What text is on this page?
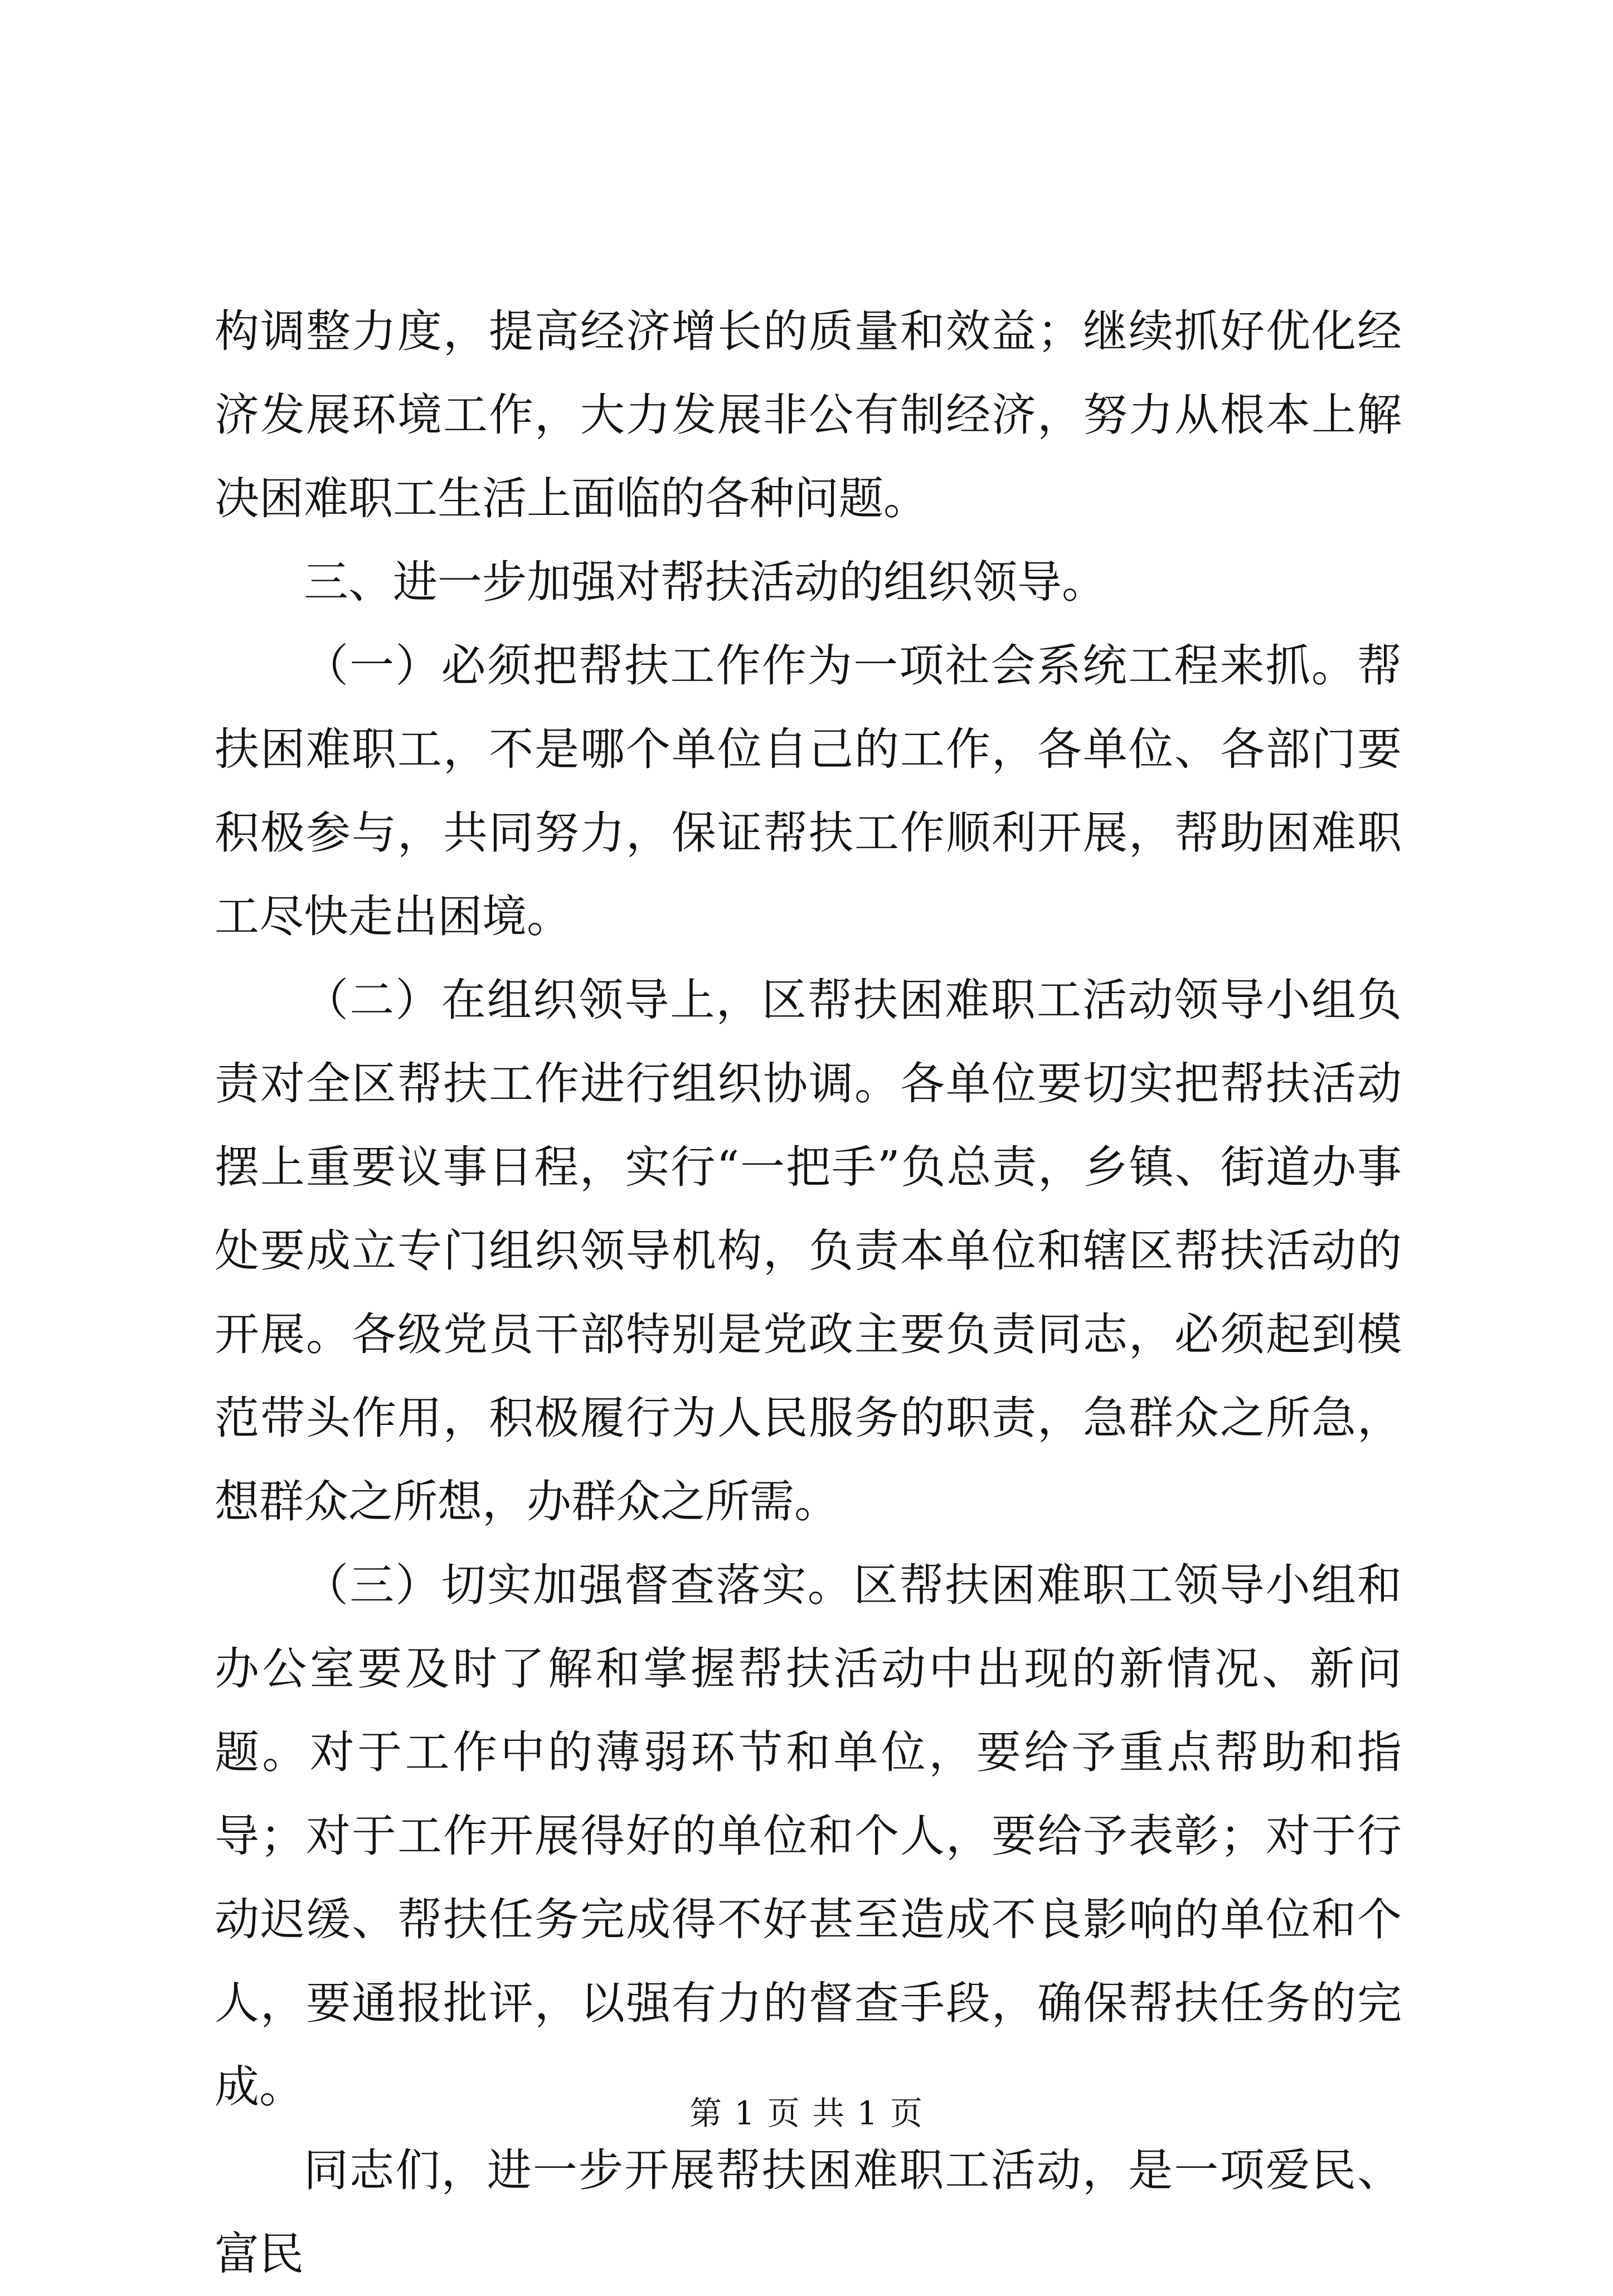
构调整力度，提高经济增长的质量和效益；继续抓好优化经济发展环境工作，大力发展非公有制经济，努力从根本上解决困难职工生活上面临的各种问题。

三、进一步加强对帮扶活动的组织领导。

（一）必须把帮扶工作作为一项社会系统工程来抓。帮扶困难职工，不是哪个单位自己的工作，各单位、各部门要积极参与，共同努力，保证帮扶工作顺利开展，帮助困难职工尽快走出困境。

（二）在组织领导上，区帮扶困难职工活动领导小组负责对全区帮扶工作进行组织协调。各单位要切实把帮扶活动摆上重要议事日程，实行“一把手”负总责，乡镇、街道办事处要成立专门组织领导机构，负责本单位和辖区帮扶活动的开展。各级党员干部特别是党政主要负责同志，必须起到模范带头作用，积极履行为人民服务的职责，急群众之所急，想群众之所想，办群众之所需。

（三）切实加强督查落实。区帮扶困难职工领导小组和办公室要及时了解和掌握帮扶活动中出现的新情况、新问题。对于工作中的薄弱环节和单位，要给予重点帮助和指导；对于工作开展得好的单位和个人，要给予表彰；对于行动迟缓、帮扶任务完成得不好甚至造成不良影响的单位和个人，要通报批评，以强有力的督查手段，确保帮扶任务的完成。

同志们，进一步开展帮扶困难职工活动，是一项爱民、富民

第 1 页 共 1 页
